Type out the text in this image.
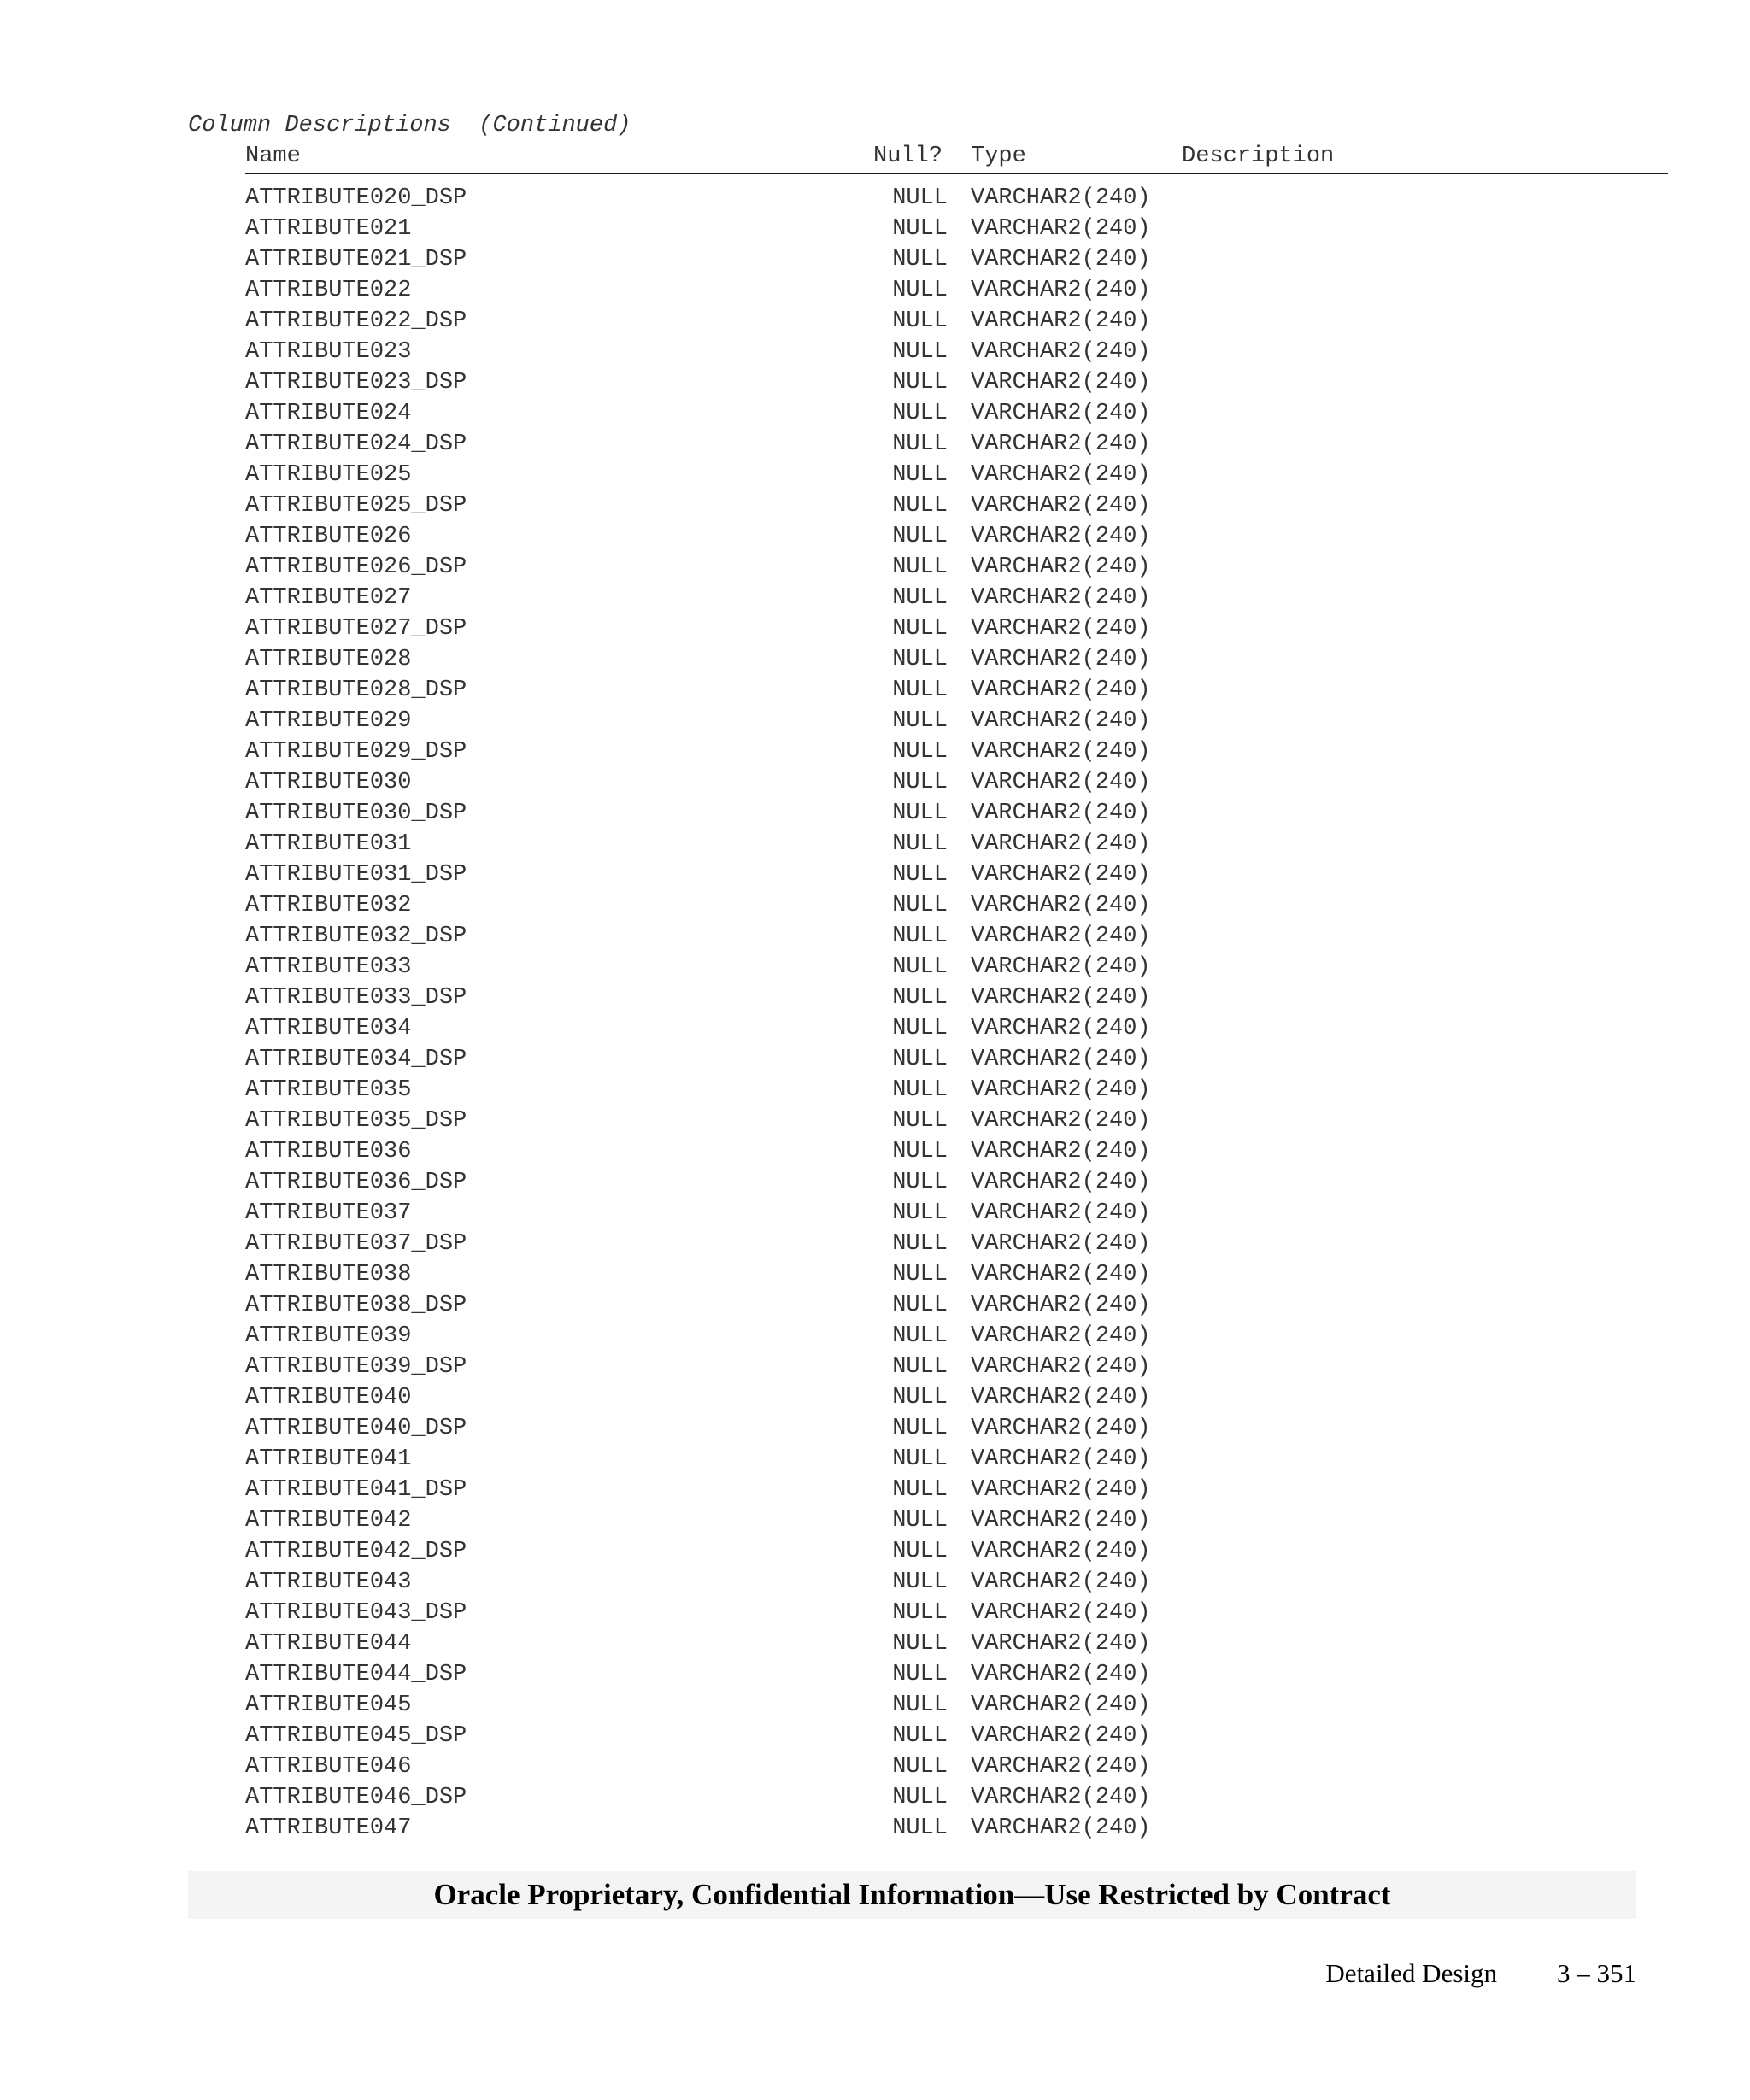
Column Descriptions  (Continued)
Name	Null? Type	Description
ATTRIBUTE020_DSP	NULL VARCHAR2(240)
ATTRIBUTE021	NULL VARCHAR2(240)
ATTRIBUTE021_DSP	NULL VARCHAR2(240)
ATTRIBUTE022	NULL VARCHAR2(240)
ATTRIBUTE022_DSP	NULL VARCHAR2(240)
ATTRIBUTE023	NULL VARCHAR2(240)
ATTRIBUTE023_DSP	NULL VARCHAR2(240)
ATTRIBUTE024	NULL VARCHAR2(240)
ATTRIBUTE024_DSP	NULL VARCHAR2(240)
ATTRIBUTE025	NULL VARCHAR2(240)
ATTRIBUTE025_DSP	NULL VARCHAR2(240)
ATTRIBUTE026	NULL VARCHAR2(240)
ATTRIBUTE026_DSP	NULL VARCHAR2(240)
ATTRIBUTE027	NULL VARCHAR2(240)
ATTRIBUTE027_DSP	NULL VARCHAR2(240)
ATTRIBUTE028	NULL VARCHAR2(240)
ATTRIBUTE028_DSP	NULL VARCHAR2(240)
ATTRIBUTE029	NULL VARCHAR2(240)
ATTRIBUTE029_DSP	NULL VARCHAR2(240)
ATTRIBUTE030	NULL VARCHAR2(240)
ATTRIBUTE030_DSP	NULL VARCHAR2(240)
ATTRIBUTE031	NULL VARCHAR2(240)
ATTRIBUTE031_DSP	NULL VARCHAR2(240)
ATTRIBUTE032	NULL VARCHAR2(240)
ATTRIBUTE032_DSP	NULL VARCHAR2(240)
ATTRIBUTE033	NULL VARCHAR2(240)
ATTRIBUTE033_DSP	NULL VARCHAR2(240)
ATTRIBUTE034	NULL VARCHAR2(240)
ATTRIBUTE034_DSP	NULL VARCHAR2(240)
ATTRIBUTE035	NULL VARCHAR2(240)
ATTRIBUTE035_DSP	NULL VARCHAR2(240)
ATTRIBUTE036	NULL VARCHAR2(240)
ATTRIBUTE036_DSP	NULL VARCHAR2(240)
ATTRIBUTE037	NULL VARCHAR2(240)
ATTRIBUTE037_DSP	NULL VARCHAR2(240)
ATTRIBUTE038	NULL VARCHAR2(240)
ATTRIBUTE038_DSP	NULL VARCHAR2(240)
ATTRIBUTE039	NULL VARCHAR2(240)
ATTRIBUTE039_DSP	NULL VARCHAR2(240)
ATTRIBUTE040	NULL VARCHAR2(240)
ATTRIBUTE040_DSP	NULL VARCHAR2(240)
ATTRIBUTE041	NULL VARCHAR2(240)
ATTRIBUTE041_DSP	NULL VARCHAR2(240)
ATTRIBUTE042	NULL VARCHAR2(240)
ATTRIBUTE042_DSP	NULL VARCHAR2(240)
ATTRIBUTE043	NULL VARCHAR2(240)
ATTRIBUTE043_DSP	NULL VARCHAR2(240)
ATTRIBUTE044	NULL VARCHAR2(240)
ATTRIBUTE044_DSP	NULL VARCHAR2(240)
ATTRIBUTE045	NULL VARCHAR2(240)
ATTRIBUTE045_DSP	NULL VARCHAR2(240)
ATTRIBUTE046	NULL VARCHAR2(240)
ATTRIBUTE046_DSP	NULL VARCHAR2(240)
ATTRIBUTE047	NULL VARCHAR2(240)
Oracle Proprietary, Confidential Information––Use Restricted by Contract
Detailed Design 3 – 351
